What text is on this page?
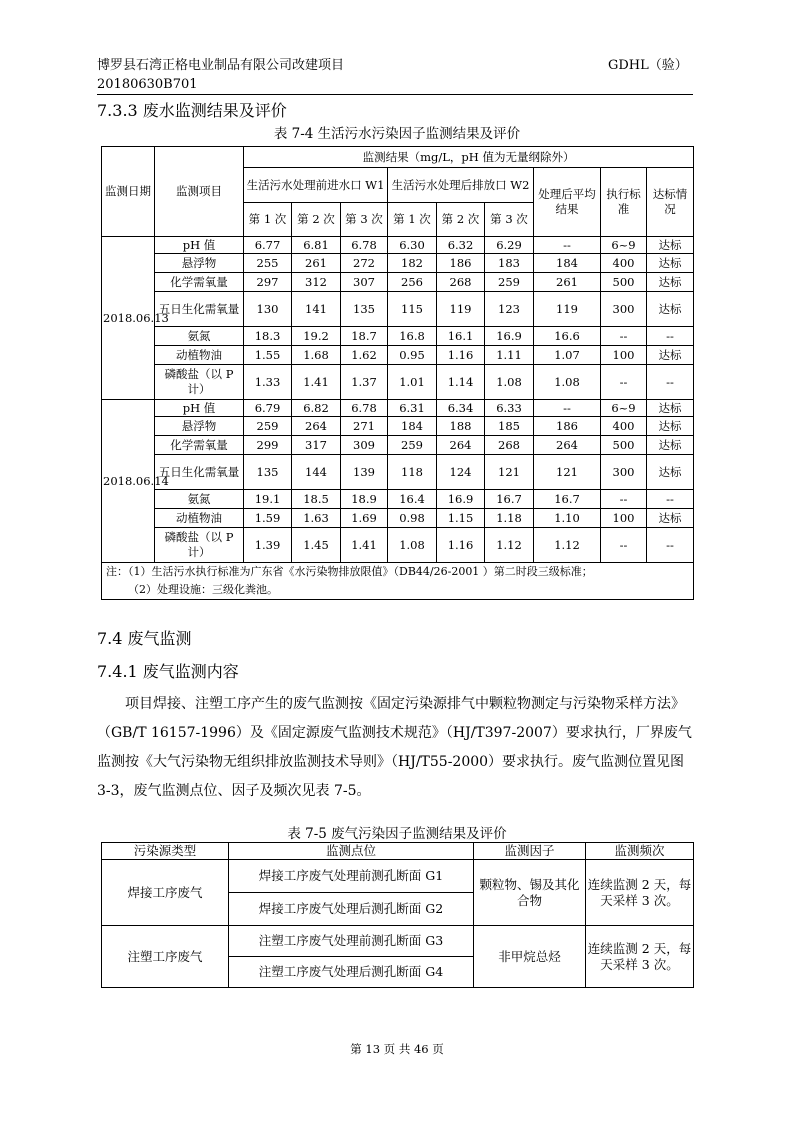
博罗县石湾正格电业制品有限公司改建项目
20180630B701
GDHL（验）
7.3.3 废水监测结果及评价
表 7-4 生活污水污染因子监测结果及评价
监测日期	监测项目	监测结果（mg/L，pH 值为无量纲除外）								
		生活污水处理前进水口 W1			生活污水处理后排放口 W2			处理后平均结果	执行标准	达标情况
		第 1 次	第 2 次	第 3 次	第 1 次	第 2 次	第 3 次			
2018.06.13	pH 值	6.77	6.81	6.78	6.30	6.32	6.29	--	6~9	达标
	悬浮物	255	261	272	182	186	183	184	400	达标
	化学需氧量	297	312	307	256	268	259	261	500	达标
	五日生化需氧量	130	141	135	115	119	123	119	300	达标
	氨氮	18.3	19.2	18.7	16.8	16.1	16.9	16.6	--	--
	动植物油	1.55	1.68	1.62	0.95	1.16	1.11	1.07	100	达标
	磷酸盐（以 P 计）	1.33	1.41	1.37	1.01	1.14	1.08	1.08	--	--
2018.06.14	pH 值	6.79	6.82	6.78	6.31	6.34	6.33	--	6~9	达标
	悬浮物	259	264	271	184	188	185	186	400	达标
	化学需氧量	299	317	309	259	264	268	264	500	达标
	五日生化需氧量	135	144	139	118	124	121	121	300	达标
	氨氮	19.1	18.5	18.9	16.4	16.9	16.7	16.7	--	--
	动植物油	1.59	1.63	1.69	0.98	1.15	1.18	1.10	100	达标
	磷酸盐（以 P 计）	1.39	1.45	1.41	1.08	1.16	1.12	1.12	--	--

注：（1）生活污水执行标准为广东省《水污染物排放限值》（DB44/26-2001 ）第二时段三级标准；
（2）处理设施：三级化粪池。										
7.4 废气监测
7.4.1 废气监测内容

项目焊接、注塑工序产生的废气监测按《固定污染源排气中颗粒物测定与污染物采样方法》（GB/T 16157-1996）及《固定源废气监测技术规范》（HJ/T397-2007）要求执行，厂界废气监测按《大气污染物无组织排放监测技术导则》（HJ/T55-2000）要求执行。废气监测位置见图 3-3，废气监测点位、因子及频次见表 7-5。

表 7-5 废气污染因子监测结果及评价
污染源类型	监测点位	监测因子	监测频次
焊接工序废气	焊接工序废气处理前测孔断面 G1	颗粒物、锡及其化合物	连续监测 2 天，每天采样 3 次。
	焊接工序废气处理后测孔断面 G2		
注塑工序废气	注塑工序废气处理前测孔断面 G3	非甲烷总烃	连续监测 2 天，每天采样 3 次。
	注塑工序废气处理后测孔断面 G4		
第 13 页 共 46 页
